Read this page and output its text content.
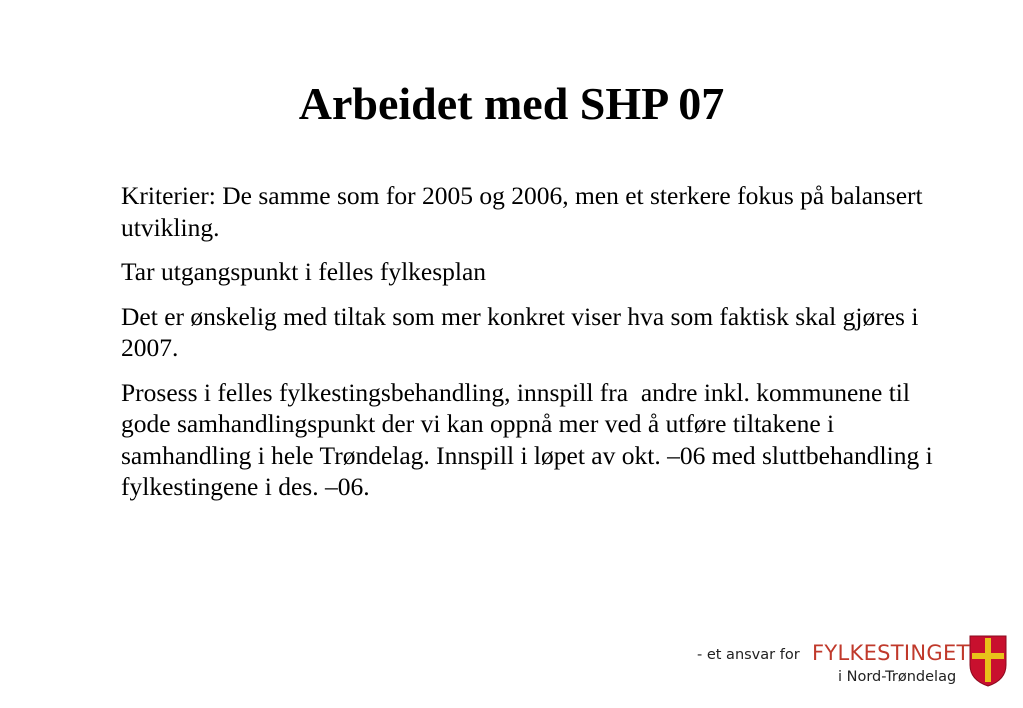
Arbeidet med SHP 07

Kriterier: De samme som for 2005 og 2006, men et sterkere fokus på balansert utvikling.

Tar utgangspunkt i felles fylkesplan

Det er ønskelig med tiltak som mer konkret viser hva som faktisk skal gjøres i 2007.

Prosess i felles fylkestingsbehandling, innspill fra  andre inkl. kommunene til gode samhandlingspunkt der vi kan oppnå mer ved å utføre tiltakene i samhandling i hele Trøndelag. Innspill i løpet av okt. –06 med sluttbehandling i fylkestingene i des. –06.

- et ansvar for FYLKESTINGET
i Nord-Trøndelag
